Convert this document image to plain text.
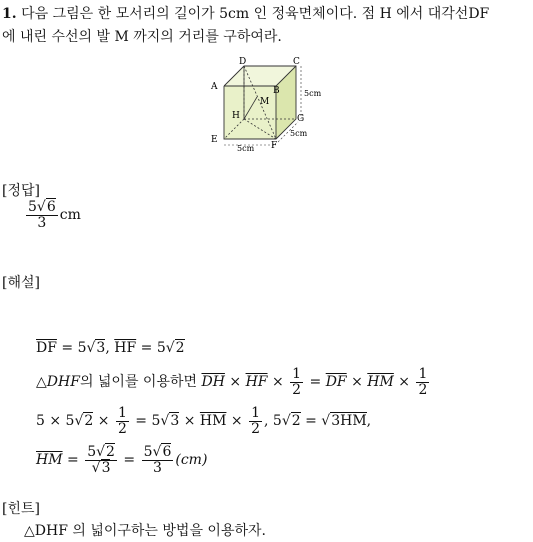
1. 다음 그림은 한 모서리의 길이가 5cm 인 정육면체이다. 점 H 에서 대각선DF
에 내린 수선의 발 M 까지의 거리를 구하여라.
A
D	C
B
M
H
E
F
G
5cm
5cm
5cm
[정답]
$\frac{5√6}{3}$ cm
[해설]
$\overline{DF} = 5√3$, $\overline{HF} = 5√2$
△DHF의 넓이를 이용하면 $\overline{DH} \times \overline{HF} \times \frac{1}{2} = \overline{DF} \times \overline{HM} \times \frac{1}{2}$
$5 \times 5√2 \times \frac{1}{2} = 5√3 \times \overline{HM} \times \frac{1}{2}$ , 5√2 = √3HM,
$\overline{HM} = \frac{5√2}{√3} = \frac{5√6}{3} (cm)$
[힌트]
△DHF 의 넓이구하는 방법을 이용하자.
